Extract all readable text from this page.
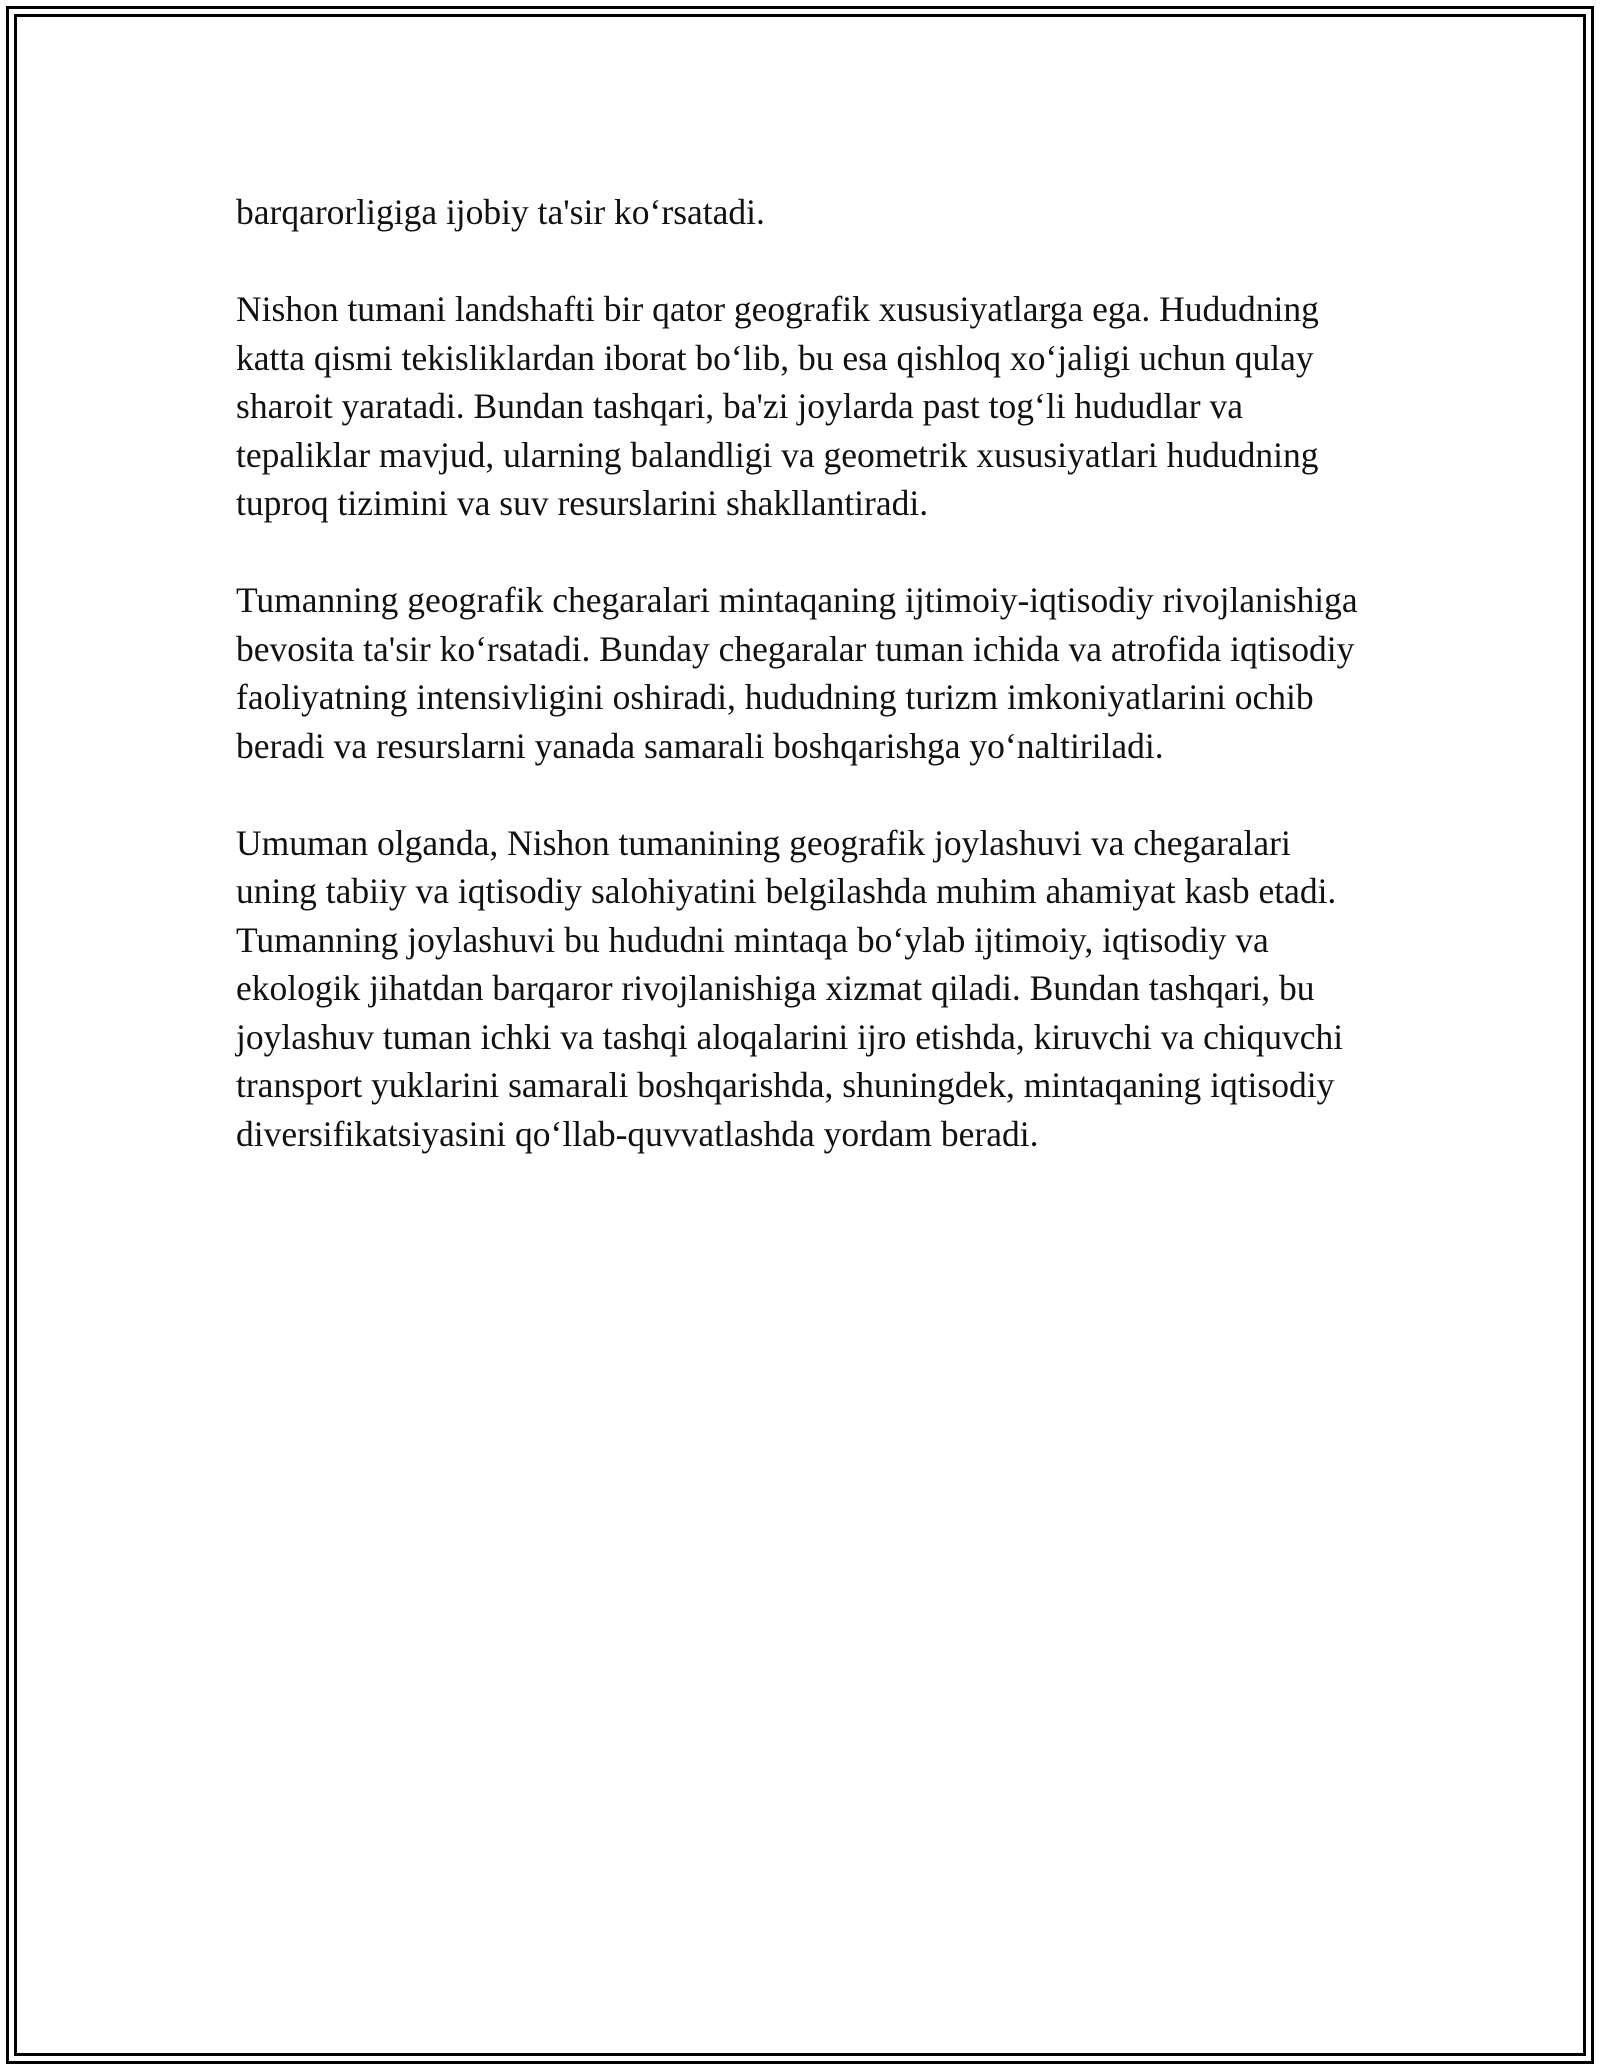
barqarorligiga ijobiy ta'sir ko‘rsatadi.

Nishon tumani landshafti bir qator geografik xususiyatlarga ega. Hududning katta qismi tekisliklardan iborat bo‘lib, bu esa qishloq xo‘jaligi uchun qulay sharoit yaratadi. Bundan tashqari, ba'zi joylarda past tog‘li hududlar va tepaliklar mavjud, ularning balandligi va geometrik xususiyatlari hududning tuproq tizimini va suv resurslarini shakllantiradi.

Tumanning geografik chegaralari mintaqaning ijtimoiy-iqtisodiy rivojlanishiga bevosita ta'sir ko‘rsatadi. Bunday chegaralar tuman ichida va atrofida iqtisodiy faoliyatning intensivligini oshiradi, hududning turizm imkoniyatlarini ochib beradi va resurslarni yanada samarali boshqarishga yo‘naltiriladi.

Umuman olganda, Nishon tumanining geografik joylashuvi va chegaralari uning tabiiy va iqtisodiy salohiyatini belgilashda muhim ahamiyat kasb etadi. Tumanning joylashuvi bu hududni mintaqa bo‘ylab ijtimoiy, iqtisodiy va ekologik jihatdan barqaror rivojlanishiga xizmat qiladi. Bundan tashqari, bu joylashuv tuman ichki va tashqi aloqalarini ijro etishda, kiruvchi va chiquvchi transport yuklarini samarali boshqarishda, shuningdek, mintaqaning iqtisodiy diversifikatsiyasini qo‘llab-quvvatlashda yordam beradi.
